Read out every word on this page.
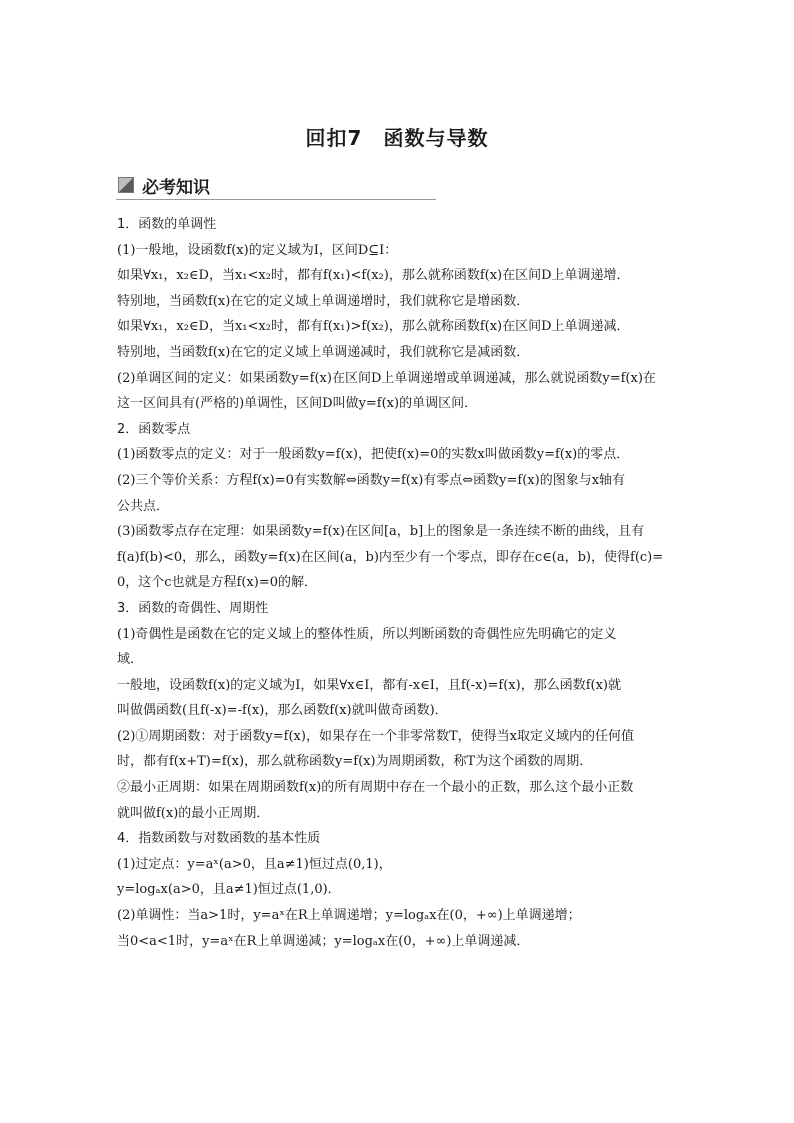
回扣7　函数与导数
必考知识
1．函数的单调性
(1)一般地，设函数f(x)的定义域为I，区间D⊆I：
如果∀x₁，x₂∈D，当x₁<x₂时，都有f(x₁)<f(x₂)，那么就称函数f(x)在区间D上单调递增．
特别地，当函数f(x)在它的定义域上单调递增时，我们就称它是增函数．
如果∀x₁，x₂∈D，当x₁<x₂时，都有f(x₁)>f(x₂)，那么就称函数f(x)在区间D上单调递减．
特别地，当函数f(x)在它的定义域上单调递减时，我们就称它是减函数．
(2)单调区间的定义：如果函数y=f(x)在区间D上单调递增或单调递减，那么就说函数y=f(x)在
这一区间具有(严格的)单调性，区间D叫做y=f(x)的单调区间．
2．函数零点
(1)函数零点的定义：对于一般函数y=f(x)，把使f(x)=0的实数x叫做函数y=f(x)的零点．
(2)三个等价关系：方程f(x)=0有实数解⇔函数y=f(x)有零点⇔函数y=f(x)的图象与x轴有
公共点．
(3)函数零点存在定理：如果函数y=f(x)在区间[a，b]上的图象是一条连续不断的曲线，且有
f(a)f(b)<0，那么，函数y=f(x)在区间(a，b)内至少有一个零点，即存在c∈(a，b)，使得f(c)=
0，这个c也就是方程f(x)=0的解．
3．函数的奇偶性、周期性
(1)奇偶性是函数在它的定义域上的整体性质，所以判断函数的奇偶性应先明确它的定义
域．
一般地，设函数f(x)的定义域为I，如果∀x∈I，都有-x∈I，且f(-x)=f(x)，那么函数f(x)就
叫做偶函数(且f(-x)=-f(x)，那么函数f(x)就叫做奇函数)．
(2)①周期函数：对于函数y=f(x)，如果存在一个非零常数T，使得当x取定义域内的任何值
时，都有f(x+T)=f(x)，那么就称函数y=f(x)为周期函数，称T为这个函数的周期．
②最小正周期：如果在周期函数f(x)的所有周期中存在一个最小的正数，那么这个最小正数
就叫做f(x)的最小正周期．
4．指数函数与对数函数的基本性质
(1)过定点：y=aˣ(a>0，且a≠1)恒过点(0,1)，
y=logₐx(a>0，且a≠1)恒过点(1,0)．
(2)单调性：当a>1时，y=aˣ在R上单调递增；y=logₐx在(0，+∞)上单调递增；
当0<a<1时，y=aˣ在R上单调递减；y=logₐx在(0，+∞)上单调递减．
